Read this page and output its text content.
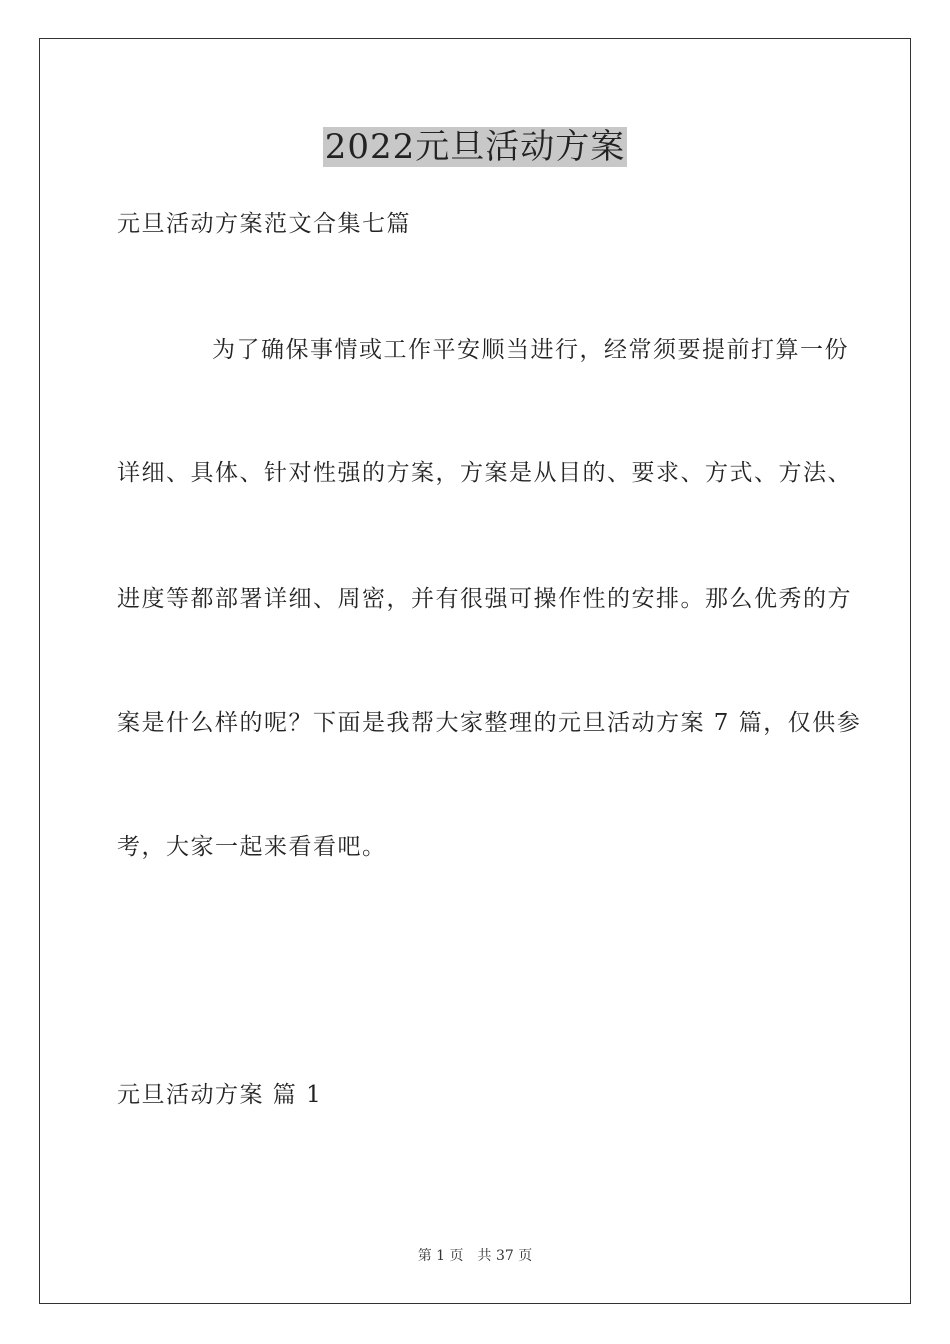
2022元旦活动方案
元旦活动方案范文合集七篇
为了确保事情或工作平安顺当进行，经常须要提前打算一份
详细、具体、针对性强的方案，方案是从目的、要求、方式、方法、
进度等都部署详细、周密，并有很强可操作性的安排。那么优秀的方
案是什么样的呢？下面是我帮大家整理的元旦活动方案 7 篇，仅供参
考，大家一起来看看吧。
元旦活动方案 篇 1
第 1 页 共 37 页
